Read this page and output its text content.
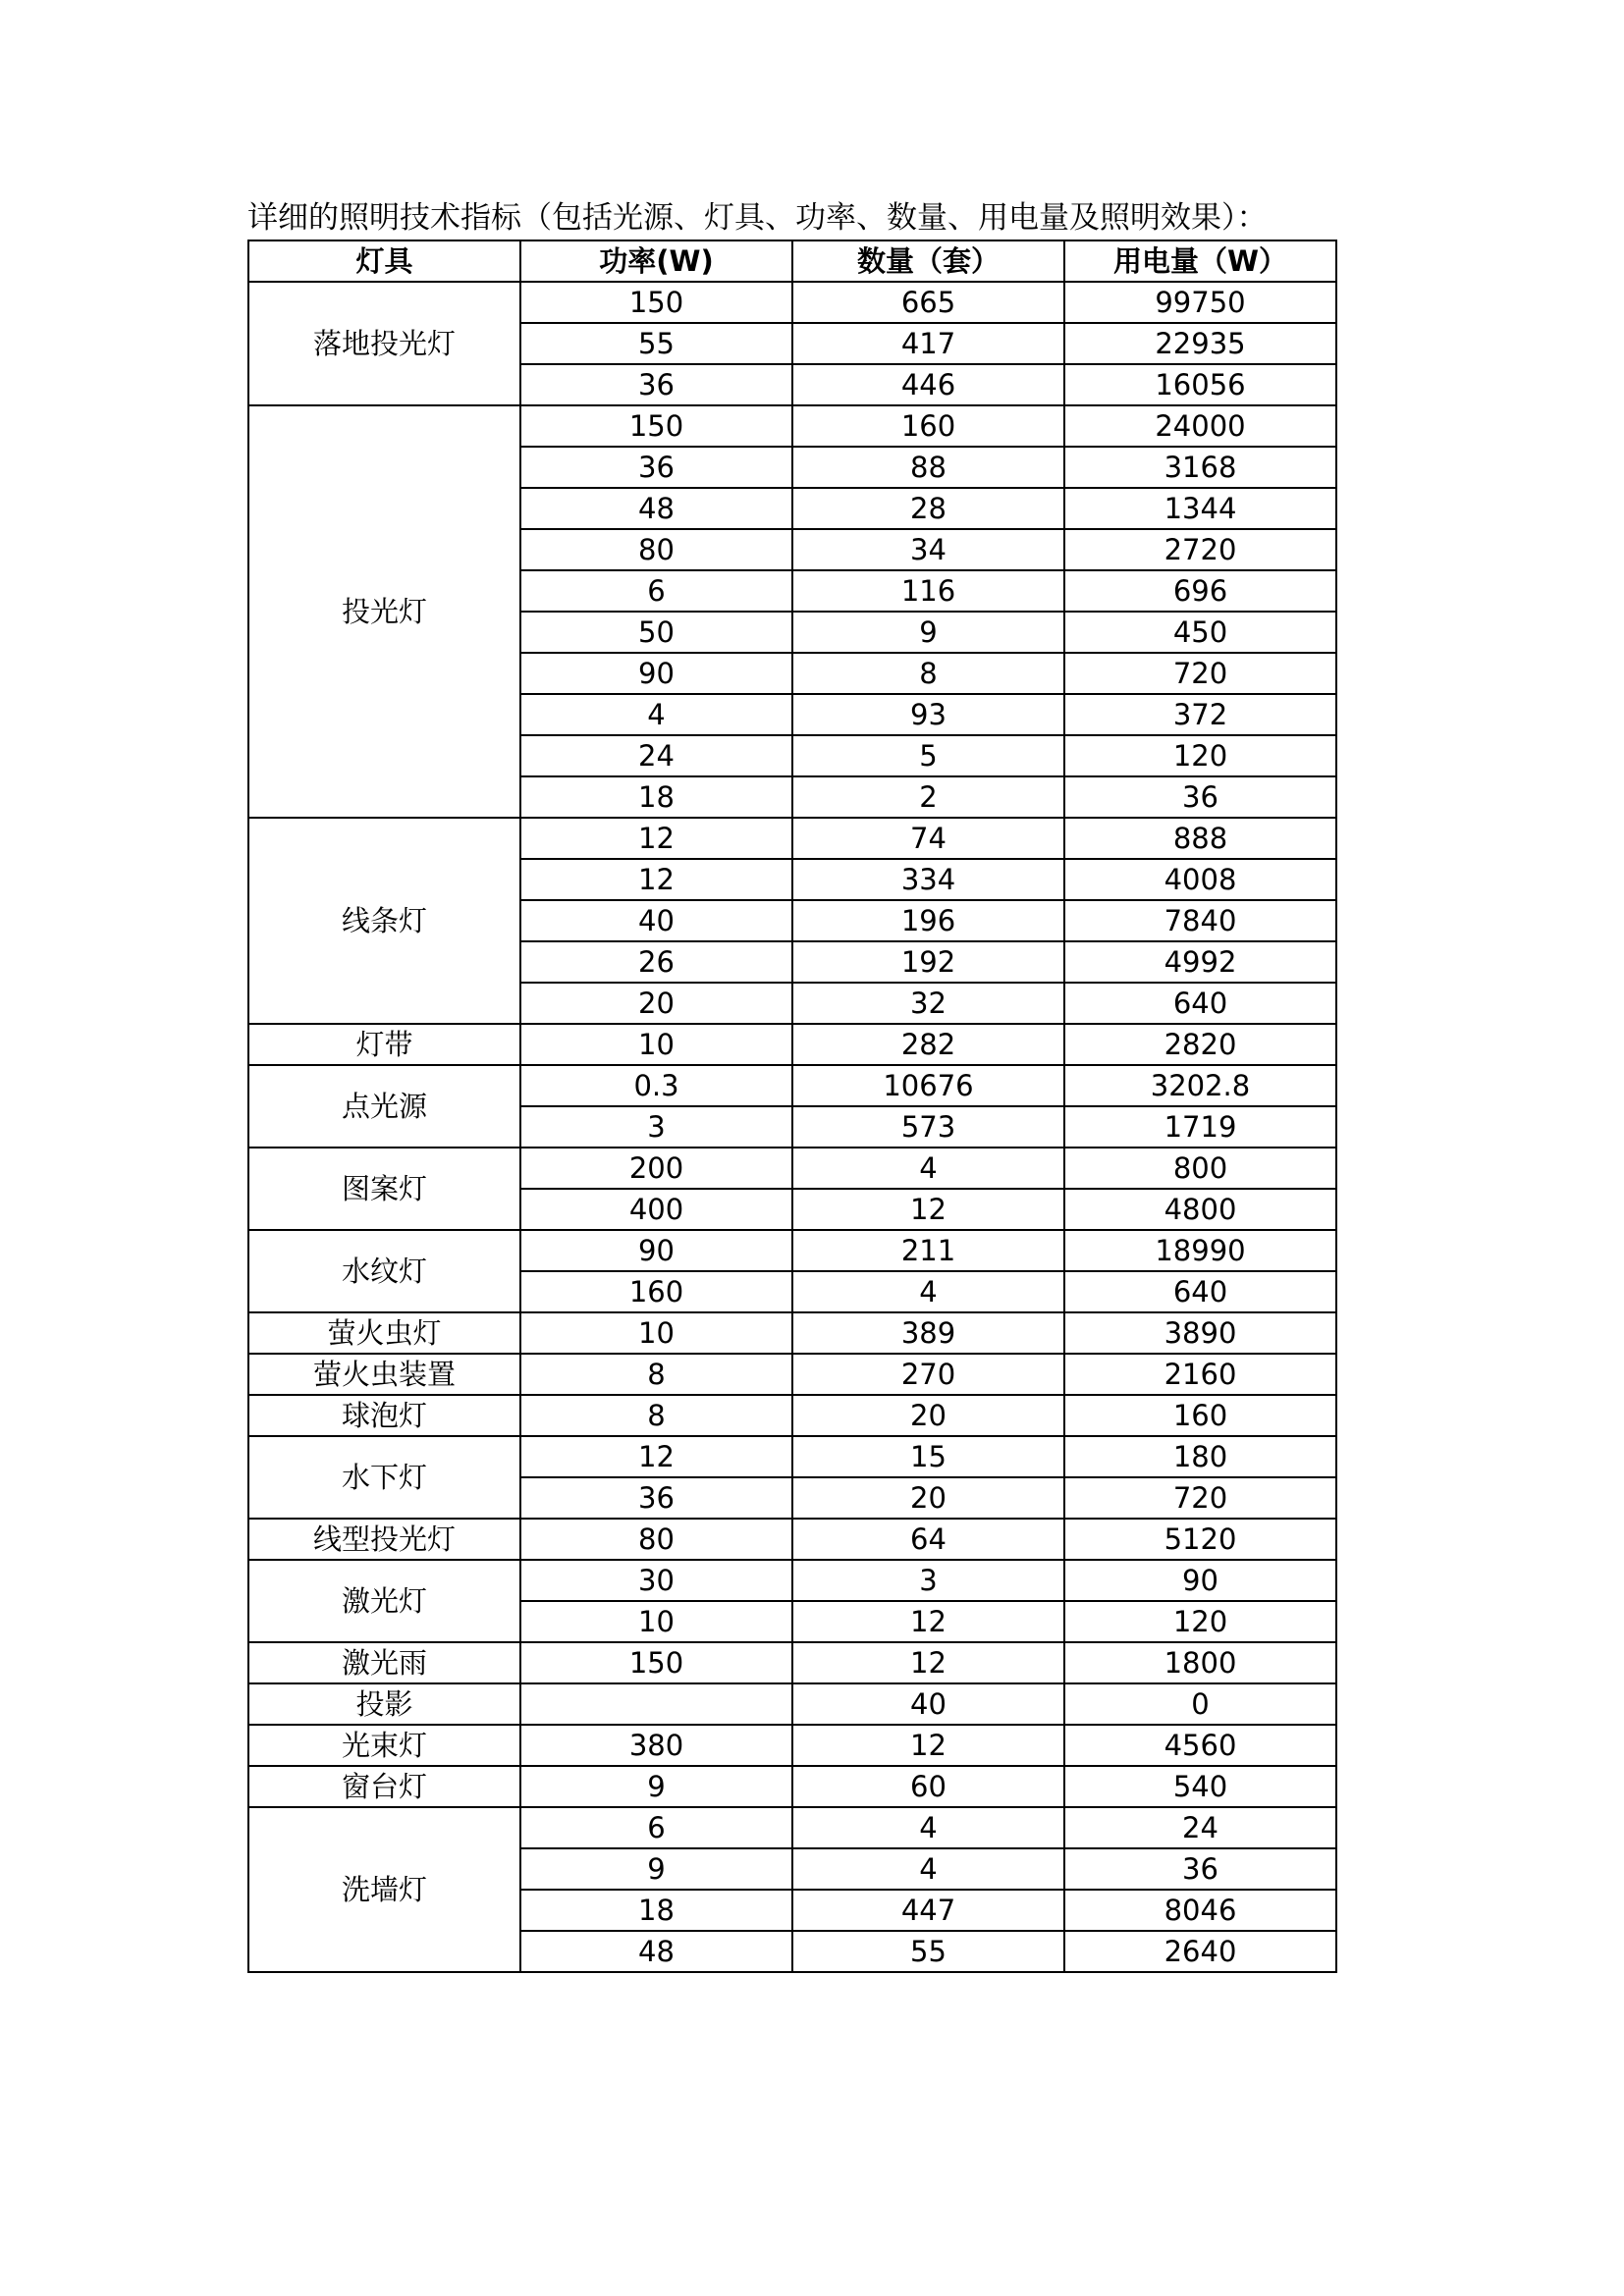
详细的照明技术指标（包括光源、灯具、功率、数量、用电量及照明效果）：
灯具	功率(W)	数量（套）	用电量（W）
落地投光灯	150	665	99750
	55	417	22935
	36	446	16056
投光灯	150	160	24000
	36	88	3168
	48	28	1344
	80	34	2720
	6	116	696
	50	9	450
	90	8	720
	4	93	372
	24	5	120
	18	2	36
线条灯	12	74	888
	12	334	4008
	40	196	7840
	26	192	4992
	20	32	640
灯带	10	282	2820
点光源	0.3	10676	3202.8
	3	573	1719
图案灯	200	4	800
	400	12	4800
水纹灯	90	211	18990
	160	4	640
萤火虫灯	10	389	3890
萤火虫装置	8	270	2160
球泡灯	8	20	160
水下灯	12	15	180
	36	20	720
线型投光灯	80	64	5120
激光灯	30	3	90
	10	12	120
激光雨	150	12	1800
投影		40	0
光束灯	380	12	4560
窗台灯	9	60	540
洗墙灯	6	4	24
	9	4	36
	18	447	8046
	48	55	2640
